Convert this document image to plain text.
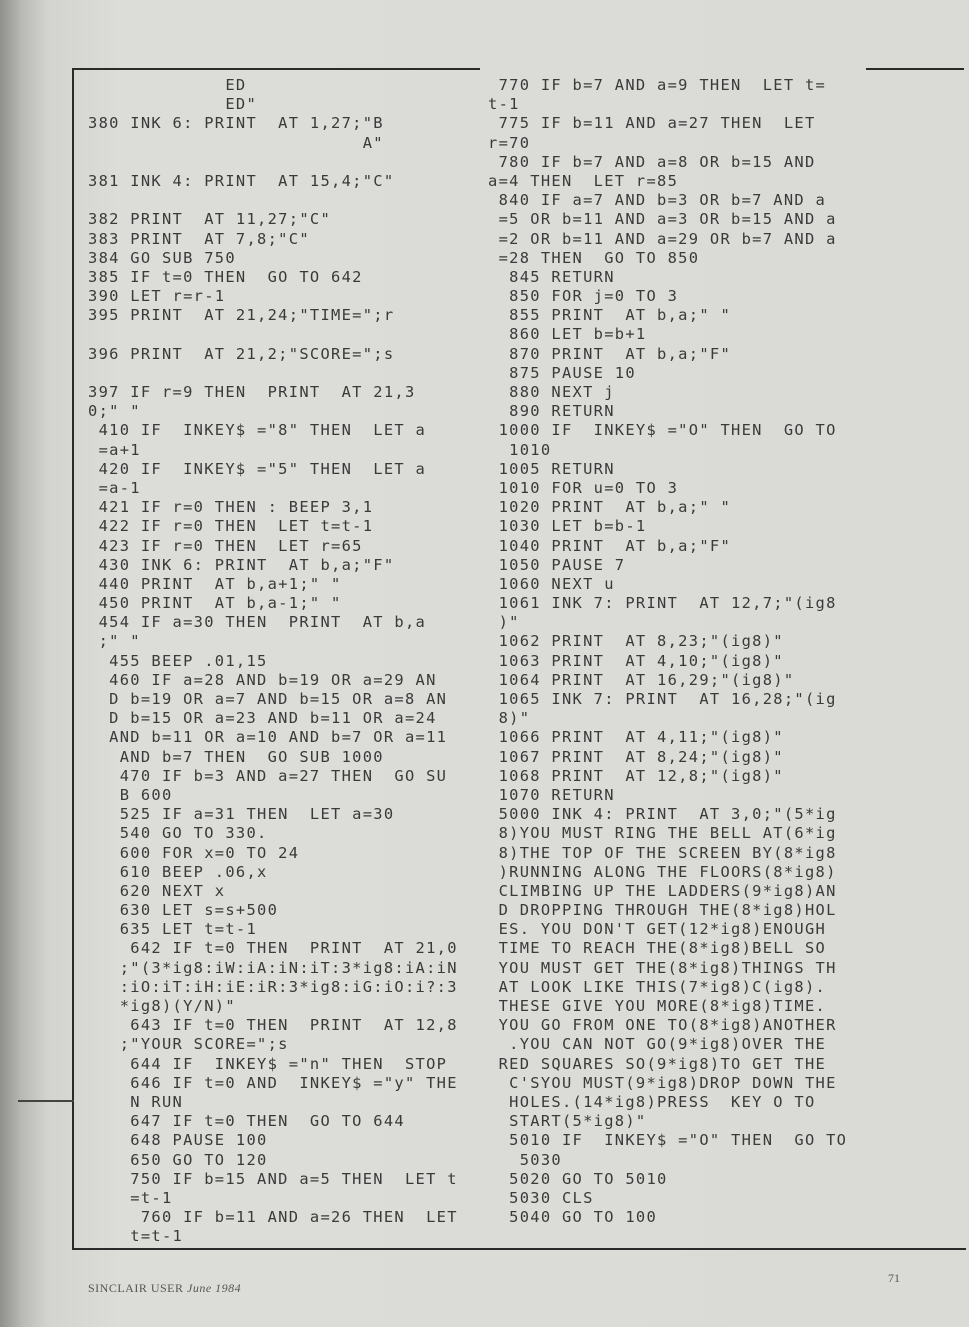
ED
ED"
380 INK 6: PRINT  AT 1,27;"B
A"
381 INK 4: PRINT  AT 15,4;"C"
382 PRINT  AT 11,27;"C"
383 PRINT  AT 7,8;"C"
384 GO SUB 750
385 IF t=0 THEN  GO TO 642
390 LET r=r-1
395 PRINT  AT 21,24;"TIME=";r
396 PRINT  AT 21,2;"SCORE=";s
397 IF r=9 THEN  PRINT  AT 21,3
0;" "
410 IF  INKEY$ ="8" THEN  LET a
=a+1
420 IF  INKEY$ ="5" THEN  LET a
=a-1
421 IF r=0 THEN : BEEP 3,1
422 IF r=0 THEN  LET t=t-1
423 IF r=0 THEN  LET r=65
430 INK 6: PRINT  AT b,a;"F"
440 PRINT  AT b,a+1;" "
450 PRINT  AT b,a-1;" "
454 IF a=30 THEN  PRINT  AT b,a
;" "
455 BEEP .01,15
460 IF a=28 AND b=19 OR a=29 AN
D b=19 OR a=7 AND b=15 OR a=8 AN
D b=15 OR a=23 AND b=11 OR a=24
AND b=11 OR a=10 AND b=7 OR a=11
AND b=7 THEN  GO SUB 1000
470 IF b=3 AND a=27 THEN  GO SU
B 600
525 IF a=31 THEN  LET a=30
540 GO TO 330.
600 FOR x=0 TO 24
610 BEEP .06,x
620 NEXT x
630 LET s=s+500
635 LET t=t-1
642 IF t=0 THEN  PRINT  AT 21,0
;"(3*ig8:iW:iA:iN:iT:3*ig8:iA:iN
:iO:iT:iH:iE:iR:3*ig8:iG:iO:i?:3
*ig8)(Y/N)"
643 IF t=0 THEN  PRINT  AT 12,8
;"YOUR SCORE=";s
644 IF  INKEY$ ="n" THEN  STOP
646 IF t=0 AND  INKEY$ ="y" THE
N RUN
647 IF t=0 THEN  GO TO 644
648 PAUSE 100
650 GO TO 120
750 IF b=15 AND a=5 THEN  LET t
=t-1
760 IF b=11 AND a=26 THEN  LET
t=t-1
770 IF b=7 AND a=9 THEN  LET t=
t-1
775 IF b=11 AND a=27 THEN  LET
r=70
780 IF b=7 AND a=8 OR b=15 AND
a=4 THEN  LET r=85
840 IF a=7 AND b=3 OR b=7 AND a
=5 OR b=11 AND a=3 OR b=15 AND a
=2 OR b=11 AND a=29 OR b=7 AND a
=28 THEN  GO TO 850
845 RETURN
850 FOR j=0 TO 3
855 PRINT  AT b,a;" "
860 LET b=b+1
870 PRINT  AT b,a;"F"
875 PAUSE 10
880 NEXT j
890 RETURN
1000 IF  INKEY$ ="O" THEN  GO TO
1010
1005 RETURN
1010 FOR u=0 TO 3
1020 PRINT  AT b,a;" "
1030 LET b=b-1
1040 PRINT  AT b,a;"F"
1050 PAUSE 7
1060 NEXT u
1061 INK 7: PRINT  AT 12,7;"(ig8
)"
1062 PRINT  AT 8,23;"(ig8)"
1063 PRINT  AT 4,10;"(ig8)"
1064 PRINT  AT 16,29;"(ig8)"
1065 INK 7: PRINT  AT 16,28;"(ig
8)"
1066 PRINT  AT 4,11;"(ig8)"
1067 PRINT  AT 8,24;"(ig8)"
1068 PRINT  AT 12,8;"(ig8)"
1070 RETURN
5000 INK 4: PRINT  AT 3,0;"(5*ig
8)YOU MUST RING THE BELL AT(6*ig
8)THE TOP OF THE SCREEN BY(8*ig8
)RUNNING ALONG THE FLOORS(8*ig8)
CLIMBING UP THE LADDERS(9*ig8)AN
D DROPPING THROUGH THE(8*ig8)HOL
ES. YOU DON'T GET(12*ig8)ENOUGH
TIME TO REACH THE(8*ig8)BELL SO
YOU MUST GET THE(8*ig8)THINGS TH
AT LOOK LIKE THIS(7*ig8)C(ig8).
THESE GIVE YOU MORE(8*ig8)TIME.
YOU GO FROM ONE TO(8*ig8)ANOTHER
.YOU CAN NOT GO(9*ig8)OVER THE
RED SQUARES SO(9*ig8)TO GET THE
C'SYOU MUST(9*ig8)DROP DOWN THE
HOLES.(14*ig8)PRESS  KEY O TO
START(5*ig8)"
5010 IF  INKEY$ ="O" THEN  GO TO
5030
5020 GO TO 5010
5030 CLS
5040 GO TO 100
SINCLAIR USER June 1984
71
